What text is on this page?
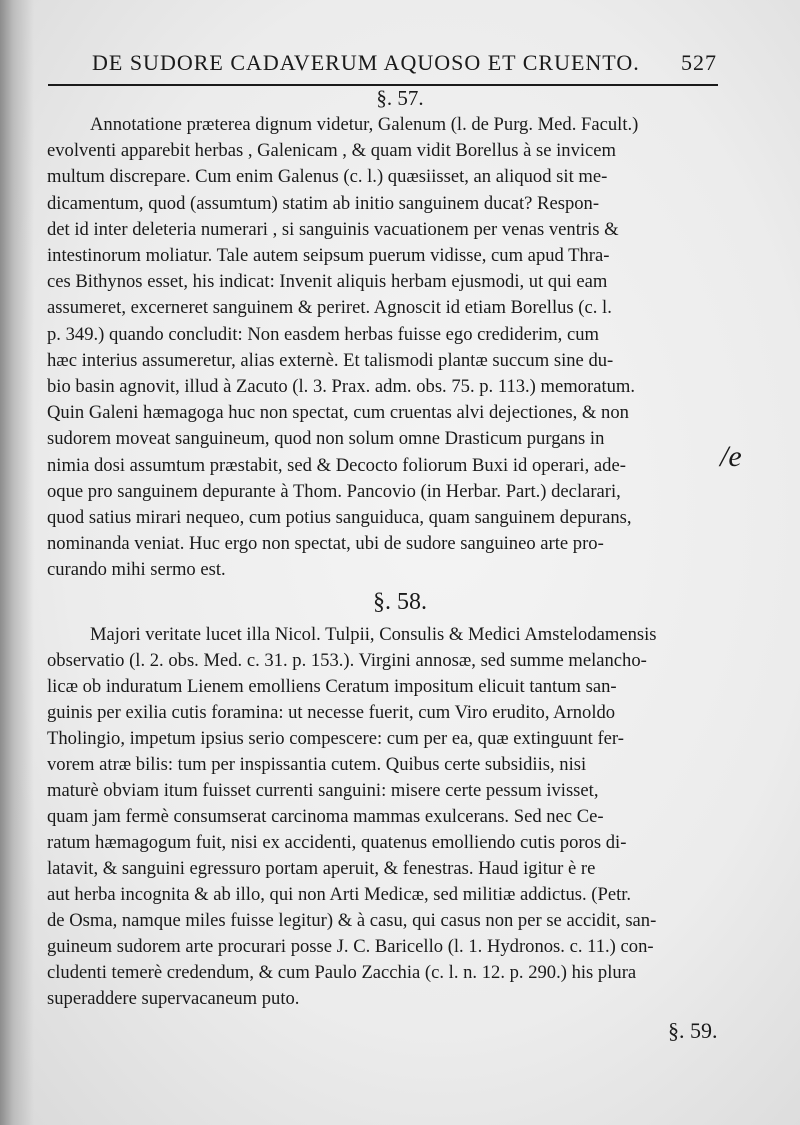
DE SUDORE CADAVERUM AQUOSO ET CRUENTO. 527
§. 57.
Annotatione præterea dignum videtur, Galenum (l. de Purg. Med. Facult.)
evolventi apparebit herbas , Galenicam , & quam vidit Borellus à se invicem
multum discrepare. Cum enim Galenus (c. l.) quæsiisset, an aliquod sit me-
dicamentum, quod (assumtum) statim ab initio sanguinem ducat? Respon-
det id inter deleteria numerari , si sanguinis vacuationem per venas ventris &
intestinorum moliatur. Tale autem seipsum puerum vidisse, cum apud Thra-
ces Bithynos esset, his indicat: Invenit aliquis herbam ejusmodi, ut qui eam
assumeret, excerneret sanguinem & periret. Agnoscit id etiam Borellus (c. l.
p. 349.) quando concludit: Non easdem herbas fuisse ego crediderim, cum
hæc interius assumeretur, alias externè. Et talismodi plantæ succum sine du-
bio basin agnovit, illud à Zacuto (l. 3. Prax. adm. obs. 75. p. 113.) memoratum.
Quin Galeni hæmagoga huc non spectat, cum cruentas alvi dejectiones, & non
sudorem moveat sanguineum, quod non solum omne Drasticum purgans in
nimia dosi assumtum præstabit, sed & Decocto foliorum Buxi id operari, ade-
oque pro sanguinem depurante à Thom. Pancovio (in Herbar. Part.) declarari,
quod satius mirari nequeo, cum potius sanguiducа, quam sanguinem depurans,
nominanda veniat. Huc ergo non spectat, ubi de sudore sanguineo arte pro-
curando mihi sermo est.
§. 58.
Majori veritate lucet illa Nicol. Tulpii, Consulis & Medici Amstelodamensis
observatio (l. 2. obs. Med. c. 31. p. 153.). Virgini annosæ, sed summe melancho-
licæ ob induratum Lienem emolliens Ceratum impositum elicuit tantum san-
guinis per exilia cutis foramina: ut necesse fuerit, cum Viro erudito, Arnoldo
Tholingio, impetum ipsius serio compescere: cum per ea, quæ extinguunt fer-
vorem atræ bilis: tum per inspissantia cutem. Quibus certe subsidiis, nisi
maturè obviam itum fuisset currenti sanguini: misere certe pessum ivisset,
quam jam fermè consumserat carcinoma mammas exulcerans. Sed nec Ce-
ratum hæmagogum fuit, nisi ex accidenti, quatenus emolliendo cutis poros di-
latavit, & sanguini egressuro portam aperuit, & fenestras. Haud igitur è re
aut herba incognita & ab illo, qui non Arti Medicæ, sed militiæ addictus. (Petr.
de Osma, namque miles fuisse legitur) & à casu, qui casus non per se accidit, san-
guineum sudorem arte procurari posse J. C. Baricello (l. 1. Hydronos. c. 11.) con-
cludenti temerè credendum, & cum Paulo Zacchia (c. l. n. 12. p. 290.) his plura
superaddere supervacaneum puto.
/e
§. 59.
